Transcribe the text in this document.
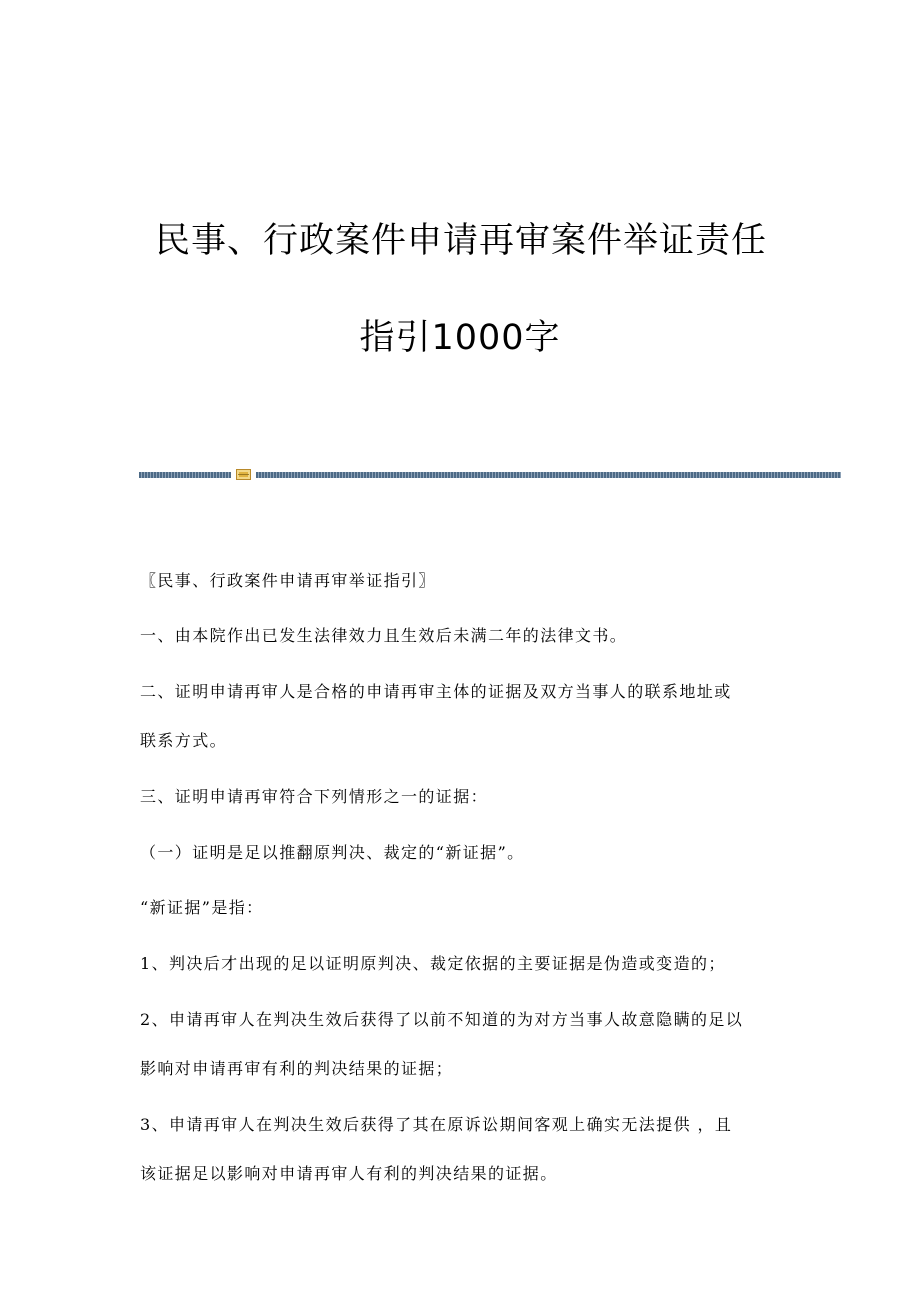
民事、行政案件申请再审案件举证责任
指引1000字
〖民事、行政案件申请再审举证指引〗
一、由本院作出已发生法律效力且生效后未满二年的法律文书。
二、证明申请再审人是合格的申请再审主体的证据及双方当事人的联系地址或
联系方式。
三、证明申请再审符合下列情形之一的证据：
（一）证明是足以推翻原判决、裁定的“新证据”。
“新证据”是指：
1、判决后才出现的足以证明原判决、裁定依据的主要证据是伪造或变造的；
2、申请再审人在判决生效后获得了以前不知道的为对方当事人故意隐瞒的足以
影响对申请再审有利的判决结果的证据；
3、申请再审人在判决生效后获得了其在原诉讼期间客观上确实无法提供 ，且
该证据足以影响对申请再审人有利的判决结果的证据。
